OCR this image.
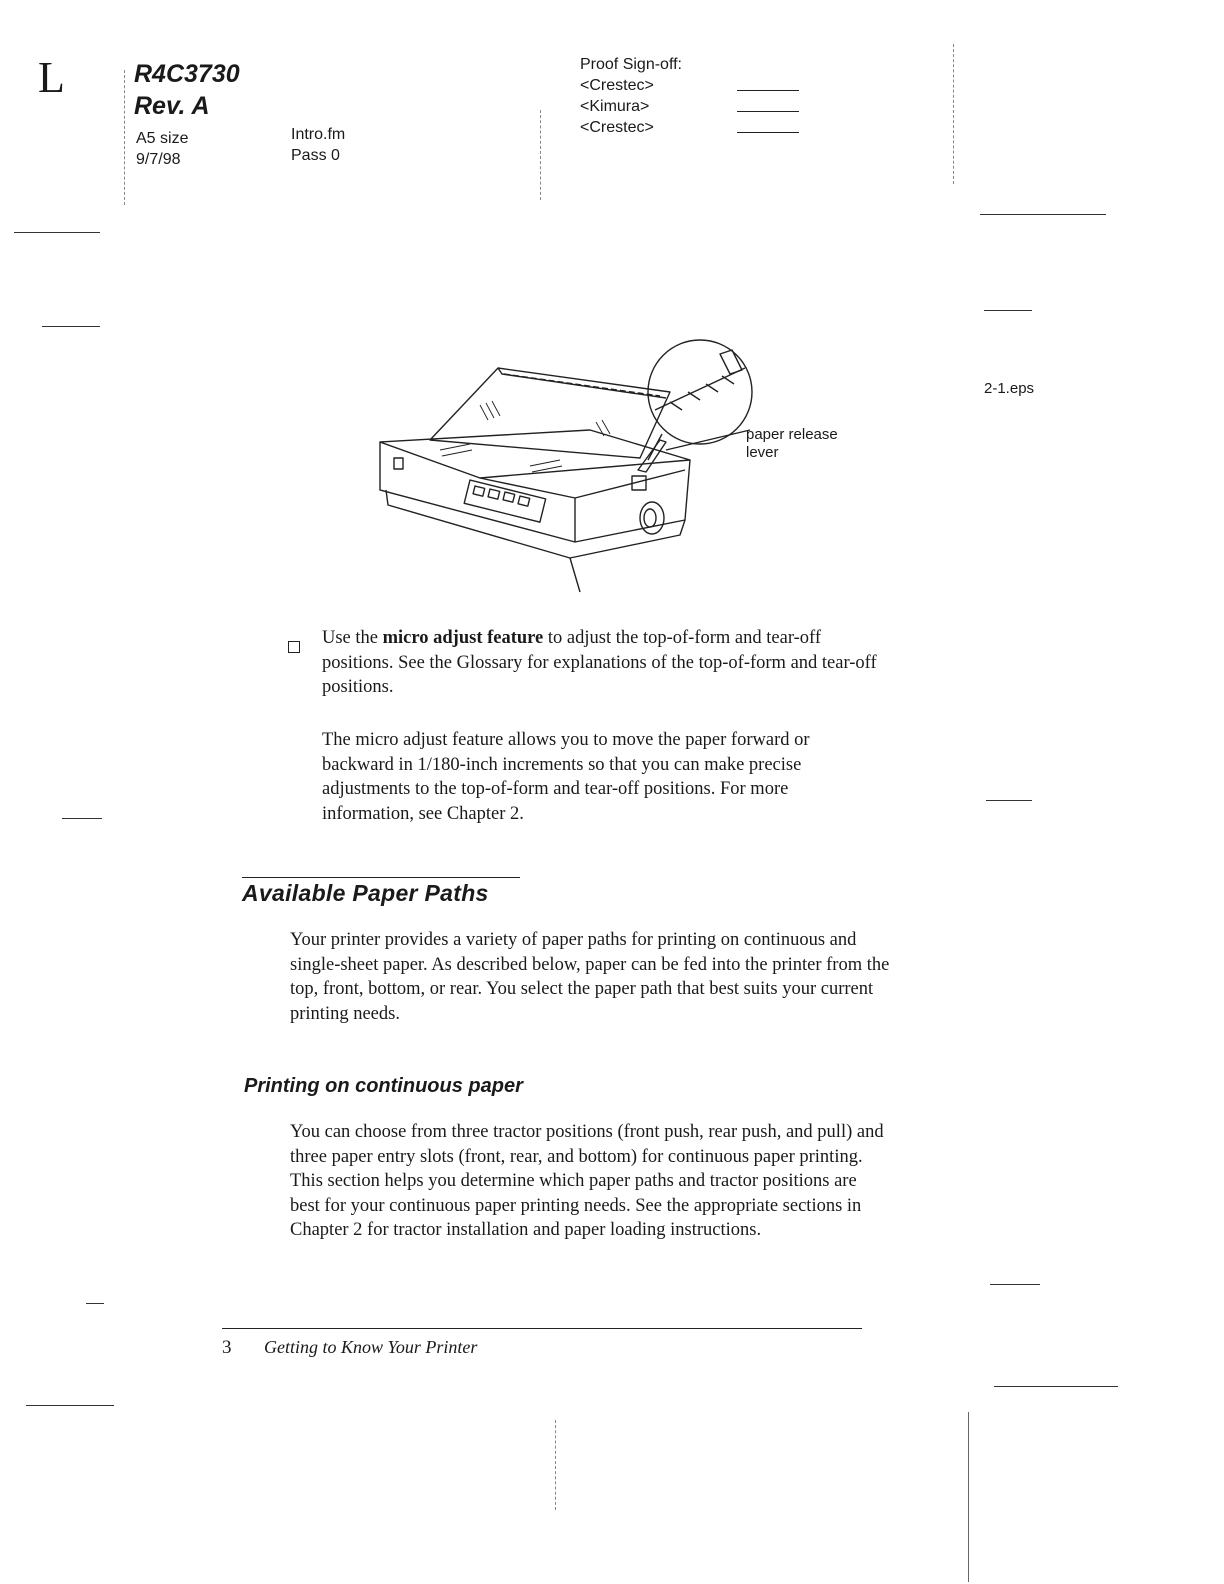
L	R4C3730
Rev. A
A5 size
9/7/98
Intro.fm
Pass 0
Proof Sign-off:
<Crestec>
<Kimura>
<Crestec>
2-1.eps
paper release
lever
Use the micro adjust feature to adjust the top-of-form and tear-off positions. See the Glossary for explanations of the top-of-form and tear-off positions.
The micro adjust feature allows you to move the paper forward or backward in 1/180-inch increments so that you can make precise adjustments to the top-of-form and tear-off positions. For more information, see Chapter 2.
Available Paper Paths
Your printer provides a variety of paper paths for printing on continuous and single-sheet paper. As described below, paper can be fed into the printer from the top, front, bottom, or rear. You select the paper path that best suits your current printing needs.
Printing on continuous paper
You can choose from three tractor positions (front push, rear push, and pull) and three paper entry slots (front, rear, and bottom) for continuous paper printing. This section helps you determine which paper paths and tractor positions are best for your continuous paper printing needs. See the appropriate sections in Chapter 2 for tractor installation and paper loading instructions.
3 Getting to Know Your Printer
